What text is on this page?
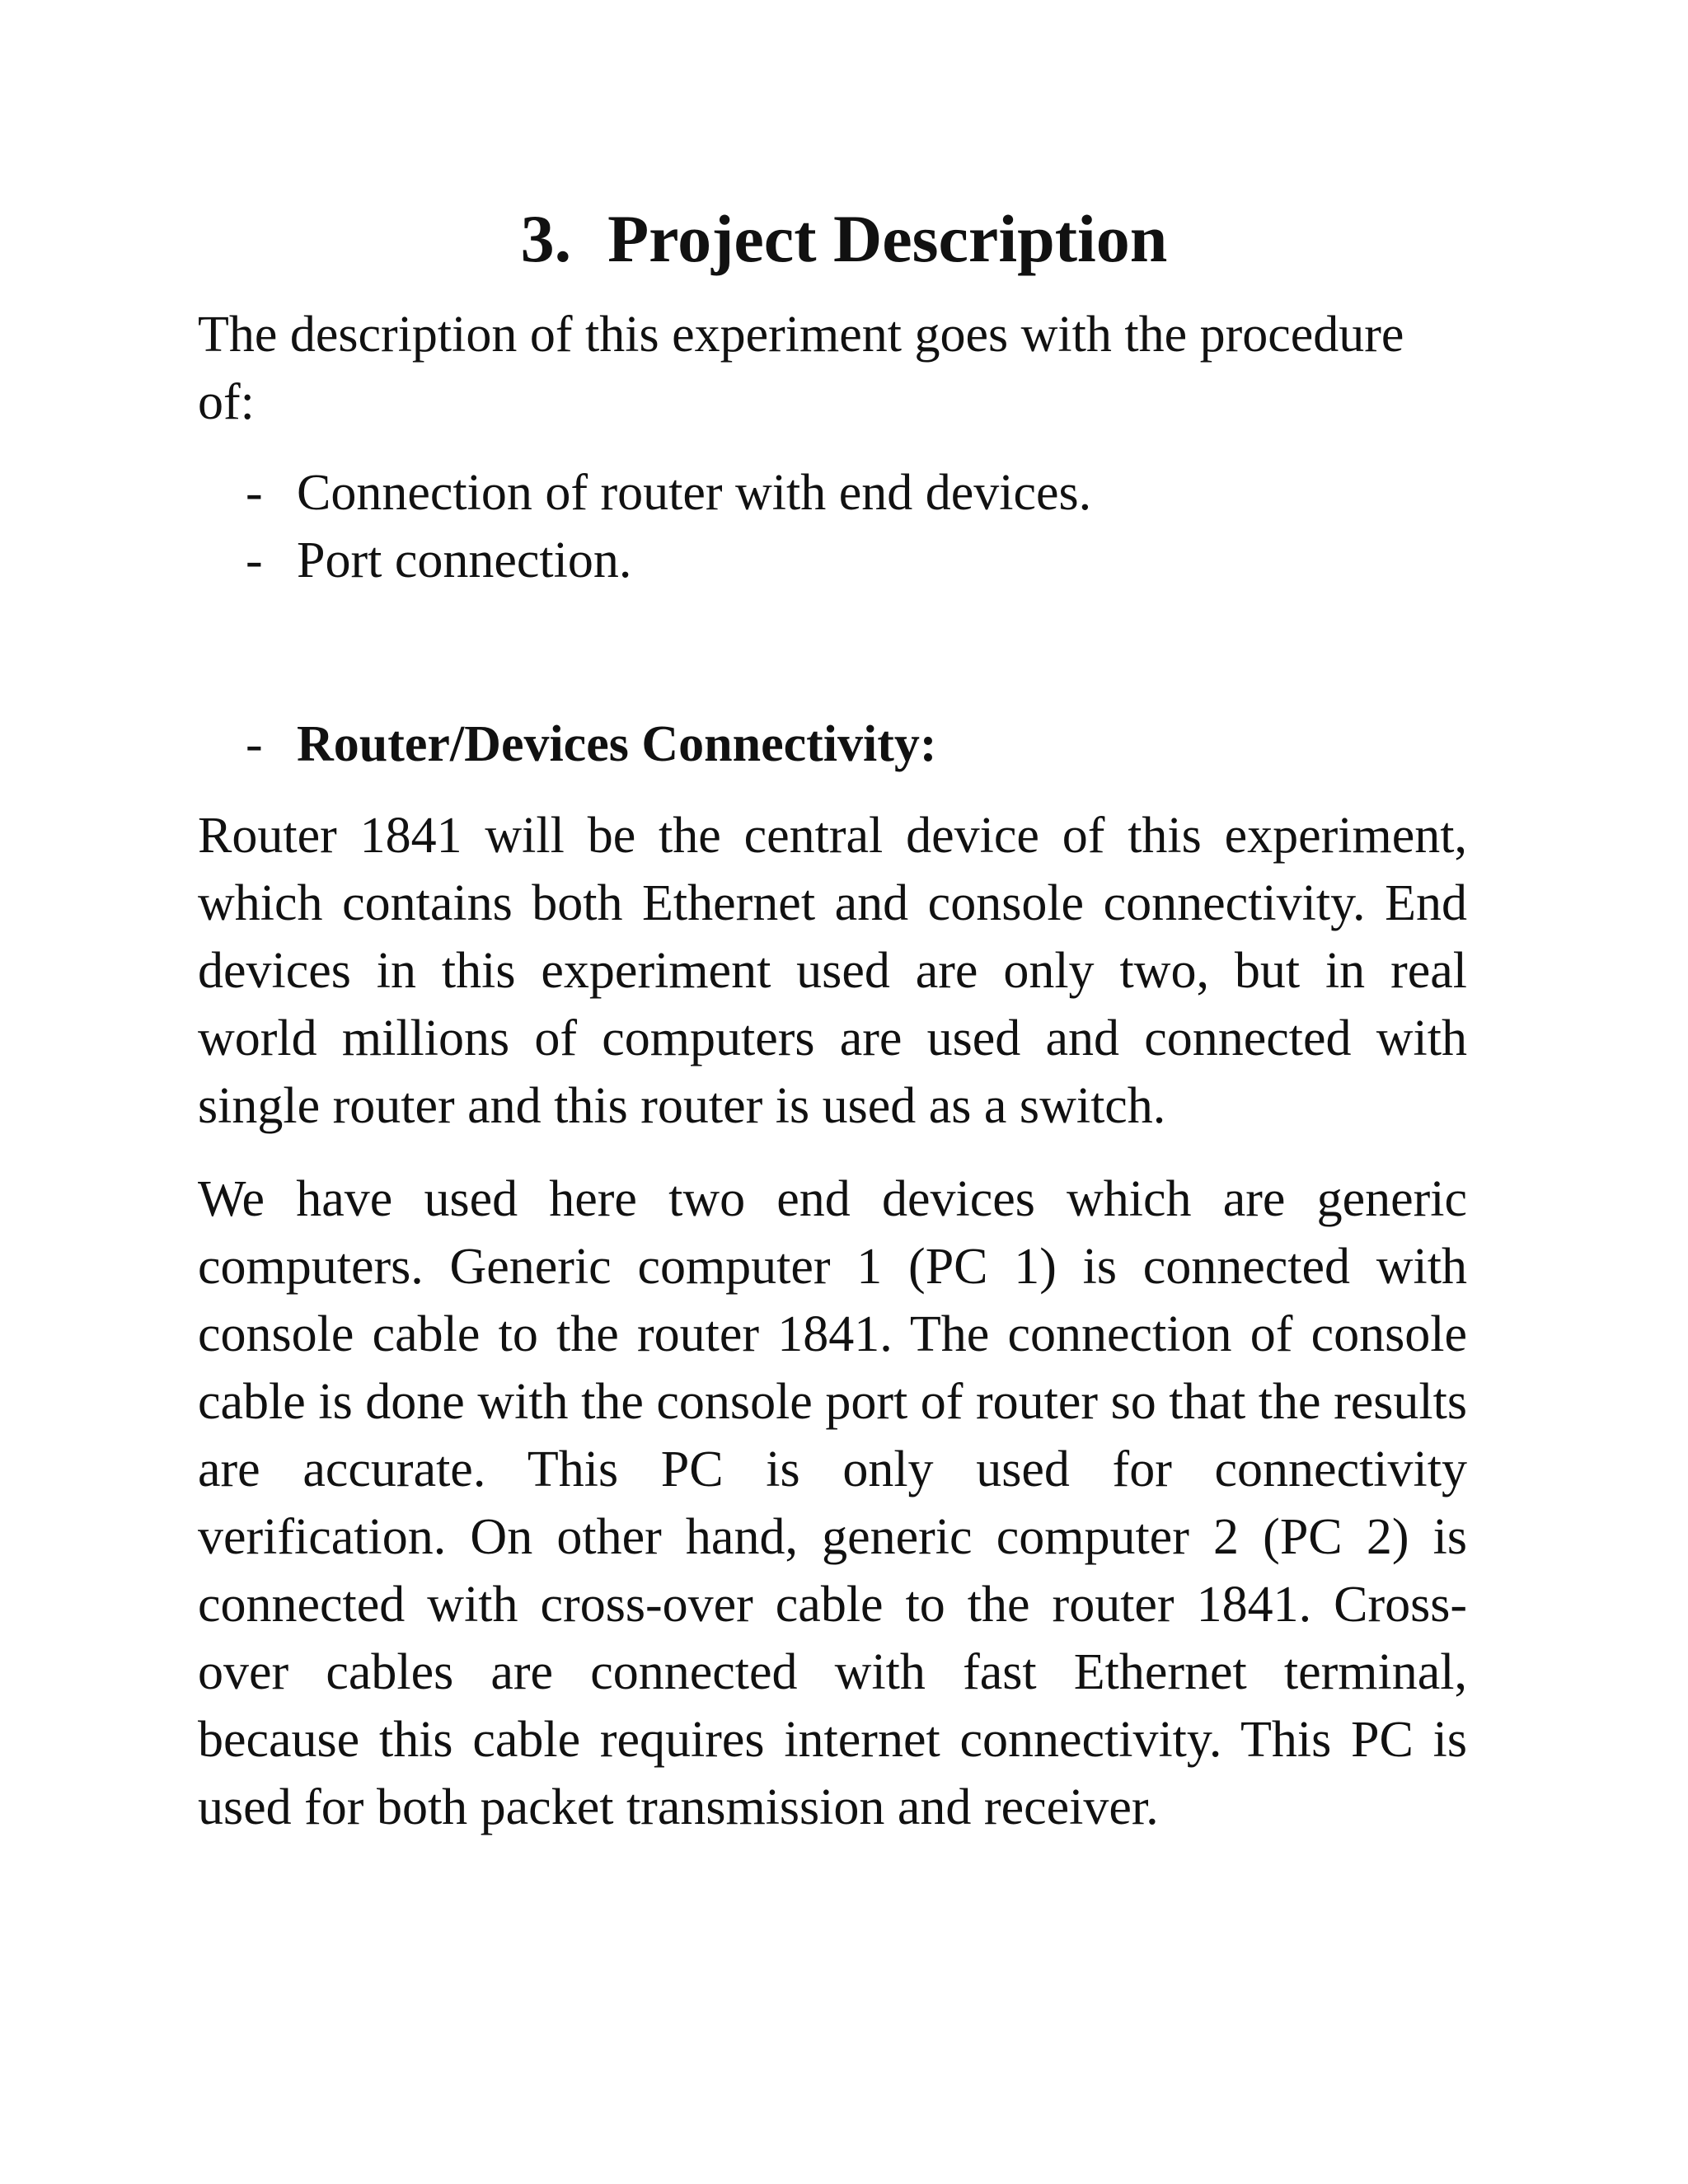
3. Project Description

The description of this experiment goes with the procedure of:

- Connection of router with end devices.
- Port connection.
- Router/Devices Connectivity:

Router 1841 will be the central device of this experiment, which contains both Ethernet and console connectivity. End devices in this experiment used are only two, but in real world millions of computers are used and connected with single router and this router is used as a switch.

We have used here two end devices which are generic computers. Generic computer 1 (PC 1) is connected with console cable to the router 1841. The connection of console cable is done with the console port of router so that the results are accurate. This PC is only used for connectivity verification. On other hand, generic computer 2 (PC 2) is connected with cross-over cable to the router 1841. Cross-over cables are connected with fast Ethernet terminal, because this cable requires internet connectivity. This PC is used for both packet transmission and receiver.
